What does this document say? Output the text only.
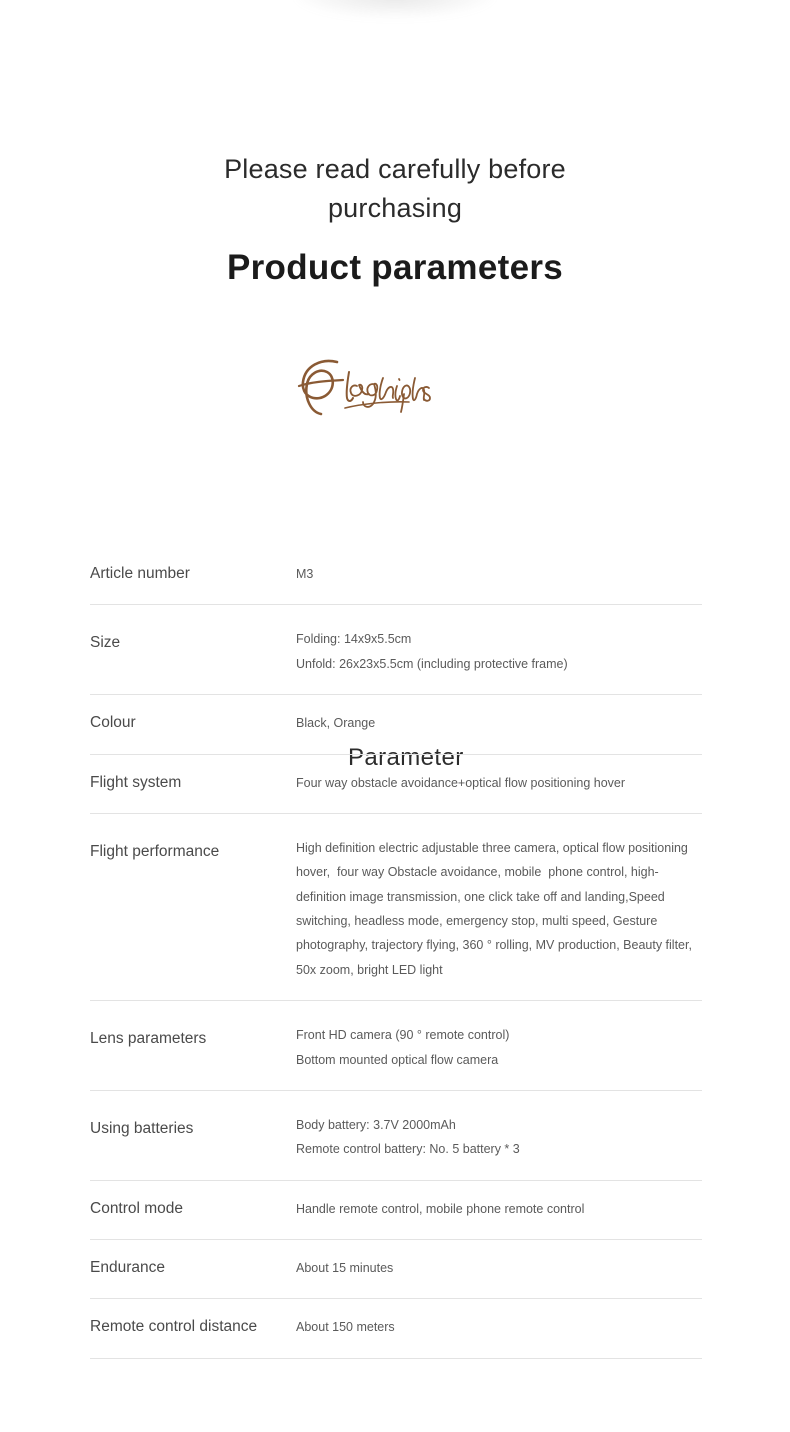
Please read carefully before purchasing
Product parameters
Parameter
Article number	M3

Size	Folding: 14x9x5.5cm
Unfold: 26x23x5.5cm (including protective frame)

Colour	Black, Orange

Flight system	Four way obstacle avoidance+optical flow positioning hover

Flight performance	High definition electric adjustable three camera, optical flow positioning hover,  four way Obstacle avoidance, mobile  phone control, high-definition image transmission, one click take off and landing,Speed switching, headless mode, emergency stop, multi speed, Gesture photography, trajectory flying, 360 ° rolling, MV production, Beauty filter, 50x zoom, bright LED light

Lens parameters	Front HD camera (90 ° remote control)
Bottom mounted optical flow camera

Using batteries	Body battery: 3.7V 2000mAh
Remote control battery: No. 5 battery * 3

Control mode	Handle remote control, mobile phone remote control

Endurance	About 15 minutes

Remote control distance	About 150 meters
